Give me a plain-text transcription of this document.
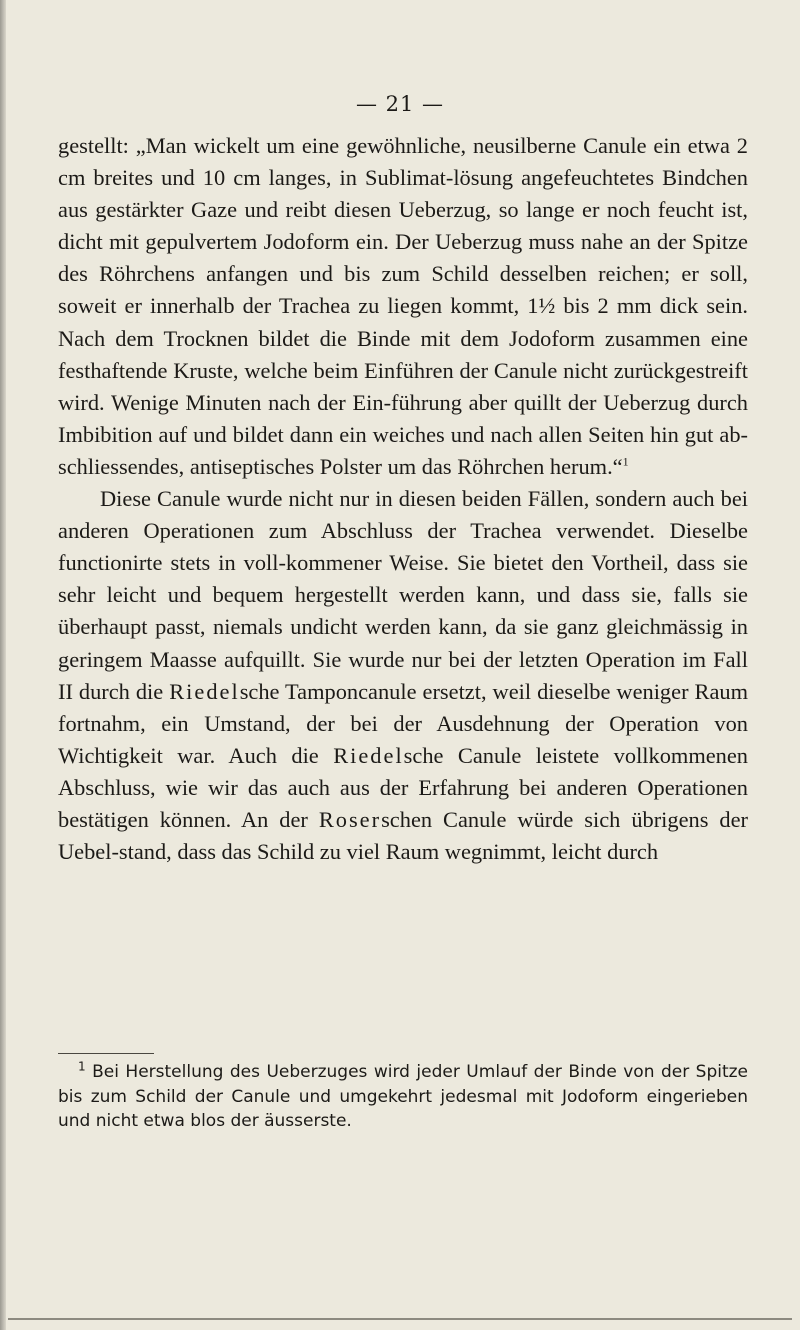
— 21 —

gestellt: „Man wickelt um eine gewöhnliche, neusilberne Canule ein etwa 2 cm breites und 10 cm langes, in Sublimat-lösung angefeuchtetes Bindchen aus gestärkter Gaze und reibt diesen Ueberzug, so lange er noch feucht ist, dicht mit gepulvertem Jodoform ein. Der Ueberzug muss nahe an der Spitze des Röhrchens anfangen und bis zum Schild desselben reichen; er soll, soweit er innerhalb der Trachea zu liegen kommt, 1½ bis 2 mm dick sein. Nach dem Trocknen bildet die Binde mit dem Jodoform zusammen eine festhaftende Kruste, welche beim Einführen der Canule nicht zurückgestreift wird. Wenige Minuten nach der Ein-führung aber quillt der Ueberzug durch Imbibition auf und bildet dann ein weiches und nach allen Seiten hin gut ab-schliessendes, antiseptisches Polster um das Röhrchen herum.“$^1$

Diese Canule wurde nicht nur in diesen beiden Fällen, sondern auch bei anderen Operationen zum Abschluss der Trachea verwendet. Dieselbe functionirte stets in voll-kommener Weise. Sie bietet den Vortheil, dass sie sehr leicht und bequem hergestellt werden kann, und dass sie, falls sie überhaupt passt, niemals undicht werden kann, da sie ganz gleichmässig in geringem Maasse aufquillt. Sie wurde nur bei der letzten Operation im Fall II durch die Riedelsche Tamponcanule ersetzt, weil dieselbe weniger Raum fortnahm, ein Umstand, der bei der Ausdehnung der Operation von Wichtigkeit war. Auch die Riedelsche Canule leistete vollkommenen Abschluss, wie wir das auch aus der Erfahrung bei anderen Operationen bestätigen können. An der Roserschen Canule würde sich übrigens der Uebel-stand, dass das Schild zu viel Raum wegnimmt, leicht durch

$^1$ Bei Herstellung des Ueberzuges wird jeder Umlauf der Binde von der Spitze bis zum Schild der Canule und umgekehrt jedesmal mit Jodoform eingerieben und nicht etwa blos der äusserste.
